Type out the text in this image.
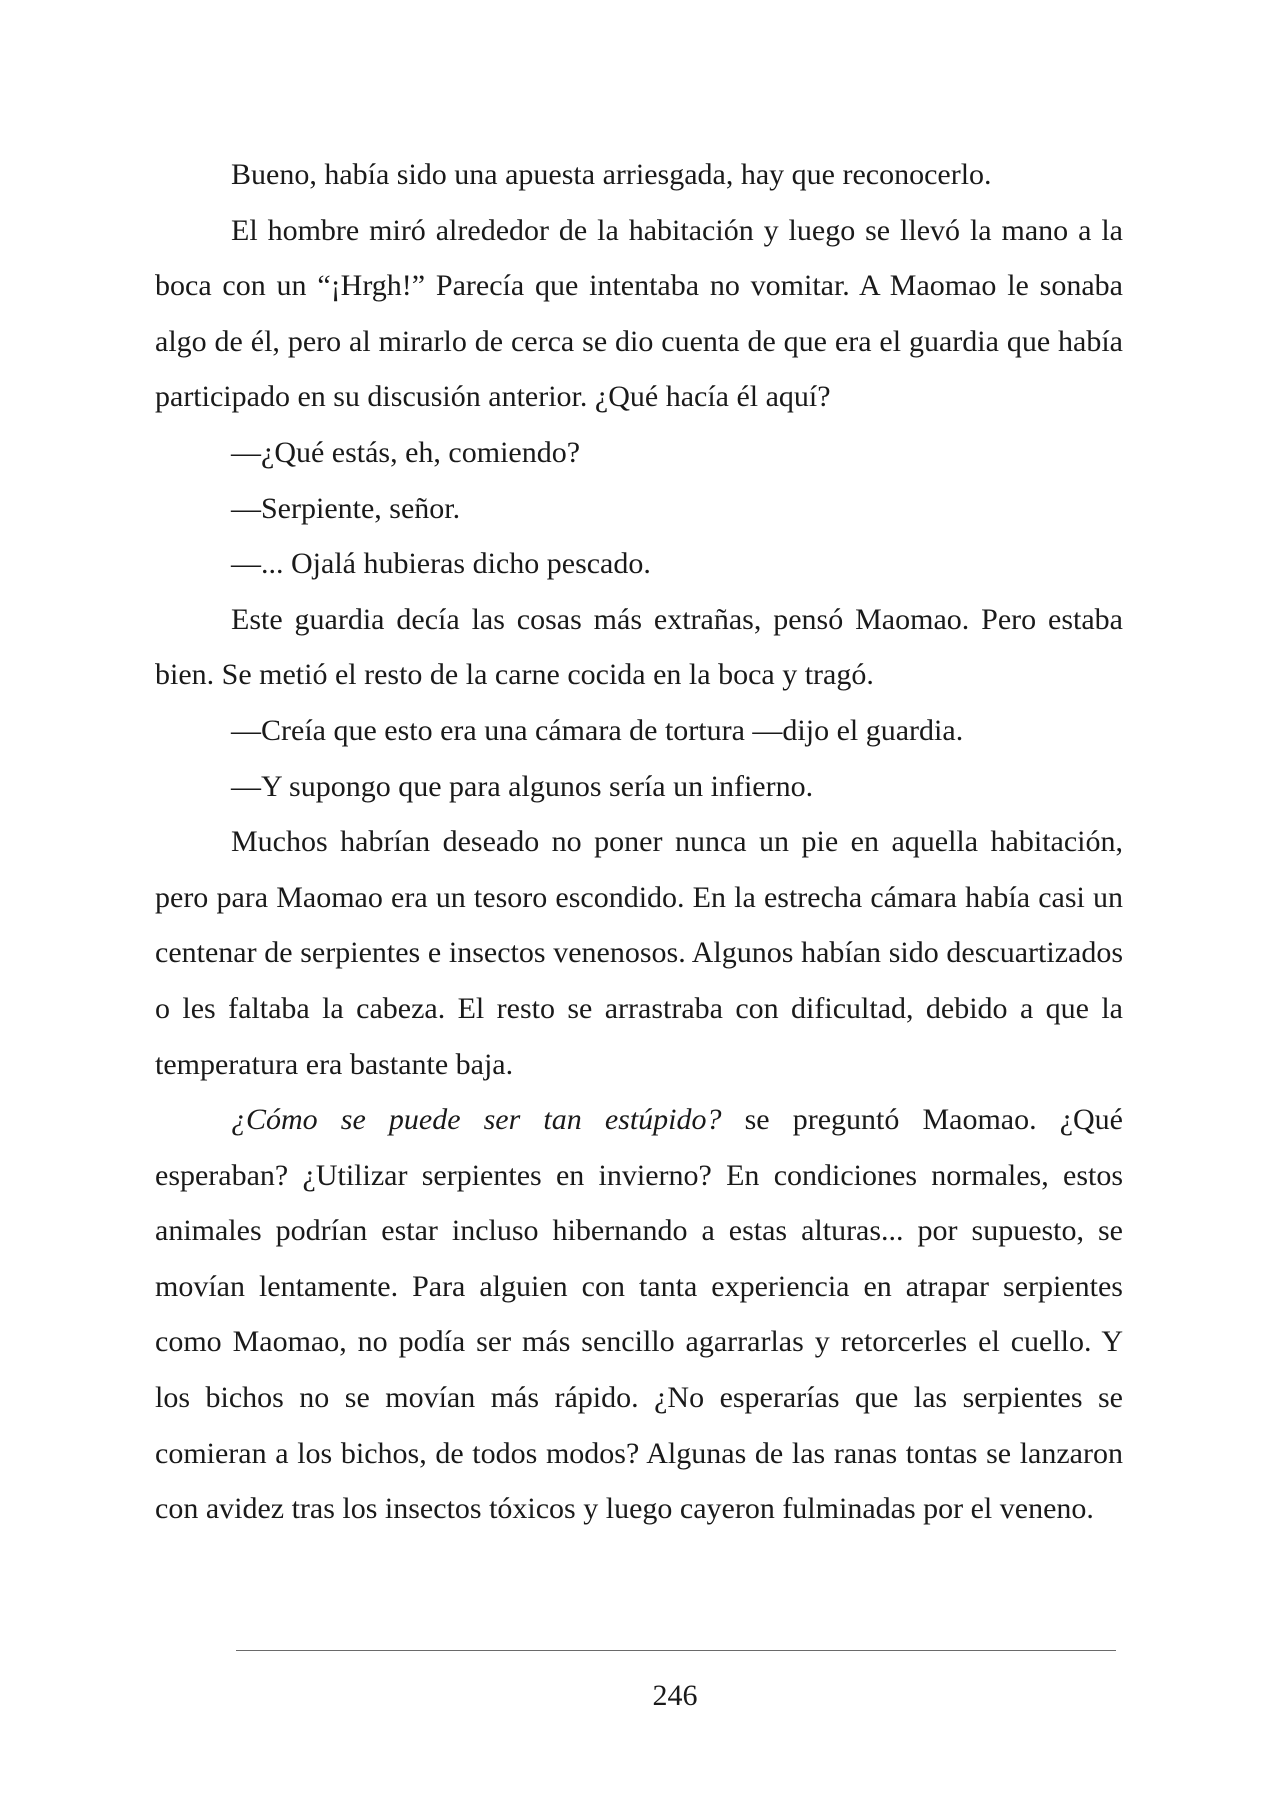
Bueno, había sido una apuesta arriesgada, hay que reconocerlo.

El hombre miró alrededor de la habitación y luego se llevó la mano a la boca con un “¡Hrgh!” Parecía que intentaba no vomitar. A Maomao le sonaba algo de él, pero al mirarlo de cerca se dio cuenta de que era el guardia que había participado en su discusión anterior. ¿Qué hacía él aquí?

—¿Qué estás, eh, comiendo?

—Serpiente, señor.

—... Ojalá hubieras dicho pescado.

Este guardia decía las cosas más extrañas, pensó Maomao. Pero estaba bien. Se metió el resto de la carne cocida en la boca y tragó.

—Creía que esto era una cámara de tortura —dijo el guardia.

—Y supongo que para algunos sería un infierno.

Muchos habrían deseado no poner nunca un pie en aquella habitación, pero para Maomao era un tesoro escondido. En la estrecha cámara había casi un centenar de serpientes e insectos venenosos. Algunos habían sido descuartizados o les faltaba la cabeza. El resto se arrastraba con dificultad, debido a que la temperatura era bastante baja.

¿Cómo se puede ser tan estúpido? se preguntó Maomao. ¿Qué esperaban? ¿Utilizar serpientes en invierno? En condiciones normales, estos animales podrían estar incluso hibernando a estas alturas... por supuesto, se movían lentamente. Para alguien con tanta experiencia en atrapar serpientes como Maomao, no podía ser más sencillo agarrarlas y retorcerles el cuello. Y los bichos no se movían más rápido. ¿No esperarías que las serpientes se comieran a los bichos, de todos modos? Algunas de las ranas tontas se lanzaron con avidez tras los insectos tóxicos y luego cayeron fulminadas por el veneno.

246
